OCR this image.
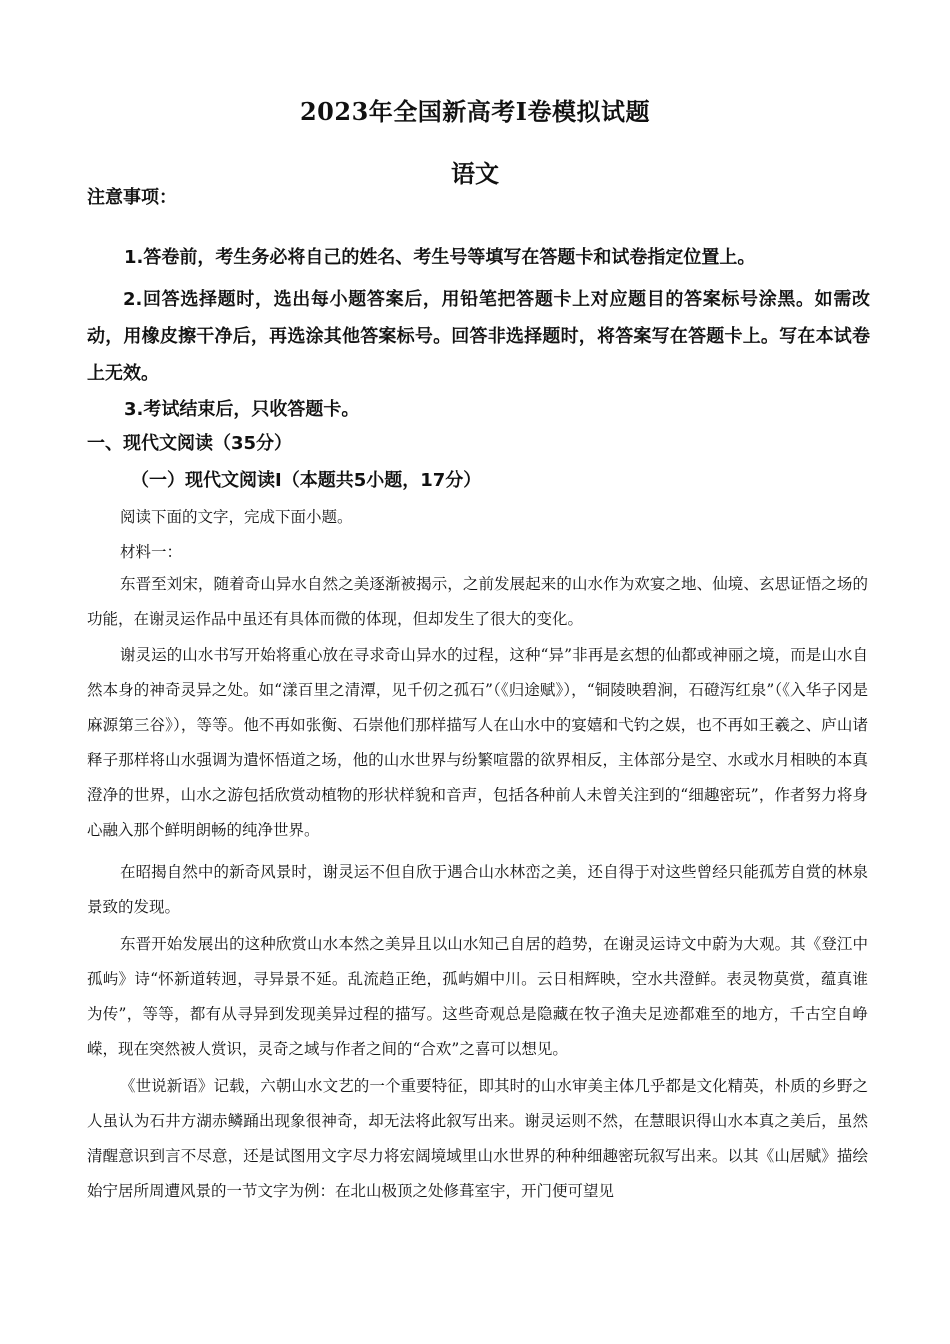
2023年全国新高考Ⅰ卷模拟试题
语文
注意事项：
1.答卷前，考生务必将自己的姓名、考生号等填写在答题卡和试卷指定位置上。
2.回答选择题时，选出每小题答案后，用铅笔把答题卡上对应题目的答案标号涂黑。如需改动，用橡皮擦干净后，再选涂其他答案标号。回答非选择题时，将答案写在答题卡上。写在本试卷上无效。
3.考试结束后，只收答题卡。
一、现代文阅读（35分）
（一）现代文阅读Ⅰ（本题共5小题，17分）
阅读下面的文字，完成下面小题。
材料一：
东晋至刘宋，随着奇山异水自然之美逐渐被揭示，之前发展起来的山水作为欢宴之地、仙境、玄思证悟之场的功能，在谢灵运作品中虽还有具体而微的体现，但却发生了很大的变化。
谢灵运的山水书写开始将重心放在寻求奇山异水的过程，这种“异”非再是玄想的仙都或神丽之境，而是山水自然本身的神奇灵异之处。如“漾百里之清潭，见千仞之孤石”（《归途赋》），“铜陵映碧涧，石磴泻红泉”（《入华子冈是麻源第三谷》），等等。他不再如张衡、石崇他们那样描写人在山水中的宴嬉和弋钓之娱，也不再如王羲之、庐山诸释子那样将山水强调为遣怀悟道之场，他的山水世界与纷繁喧嚣的欲界相反，主体部分是空、水或水月相映的本真澄净的世界，山水之游包括欣赏动植物的形状样貌和音声，包括各种前人未曾关注到的“细趣密玩”，作者努力将身心融入那个鲜明朗畅的纯净世界。
在昭揭自然中的新奇风景时，谢灵运不但自欣于遇合山水林峦之美，还自得于对这些曾经只能孤芳自赏的林泉景致的发现。
东晋开始发展出的这种欣赏山水本然之美异且以山水知己自居的趋势，在谢灵运诗文中蔚为大观。其《登江中孤屿》诗“怀新道转迥，寻异景不延。乱流趋正绝，孤屿媚中川。云日相辉映，空水共澄鲜。表灵物莫赏，蕴真谁为传”，等等，都有从寻异到发现美异过程的描写。这些奇观总是隐藏在牧子渔夫足迹都难至的地方，千古空自峥嵘，现在突然被人赏识，灵奇之域与作者之间的“合欢”之喜可以想见。
《世说新语》记载，六朝山水文艺的一个重要特征，即其时的山水审美主体几乎都是文化精英，朴质的乡野之人虽认为石井方湖赤鳞踊出现象很神奇，却无法将此叙写出来。谢灵运则不然，在慧眼识得山水本真之美后，虽然清醒意识到言不尽意，还是试图用文字尽力将宏阔境域里山水世界的种种细趣密玩叙写出来。以其《山居赋》描绘始宁居所周遭风景的一节文字为例：在北山极顶之处修葺室宇，开门便可望见
